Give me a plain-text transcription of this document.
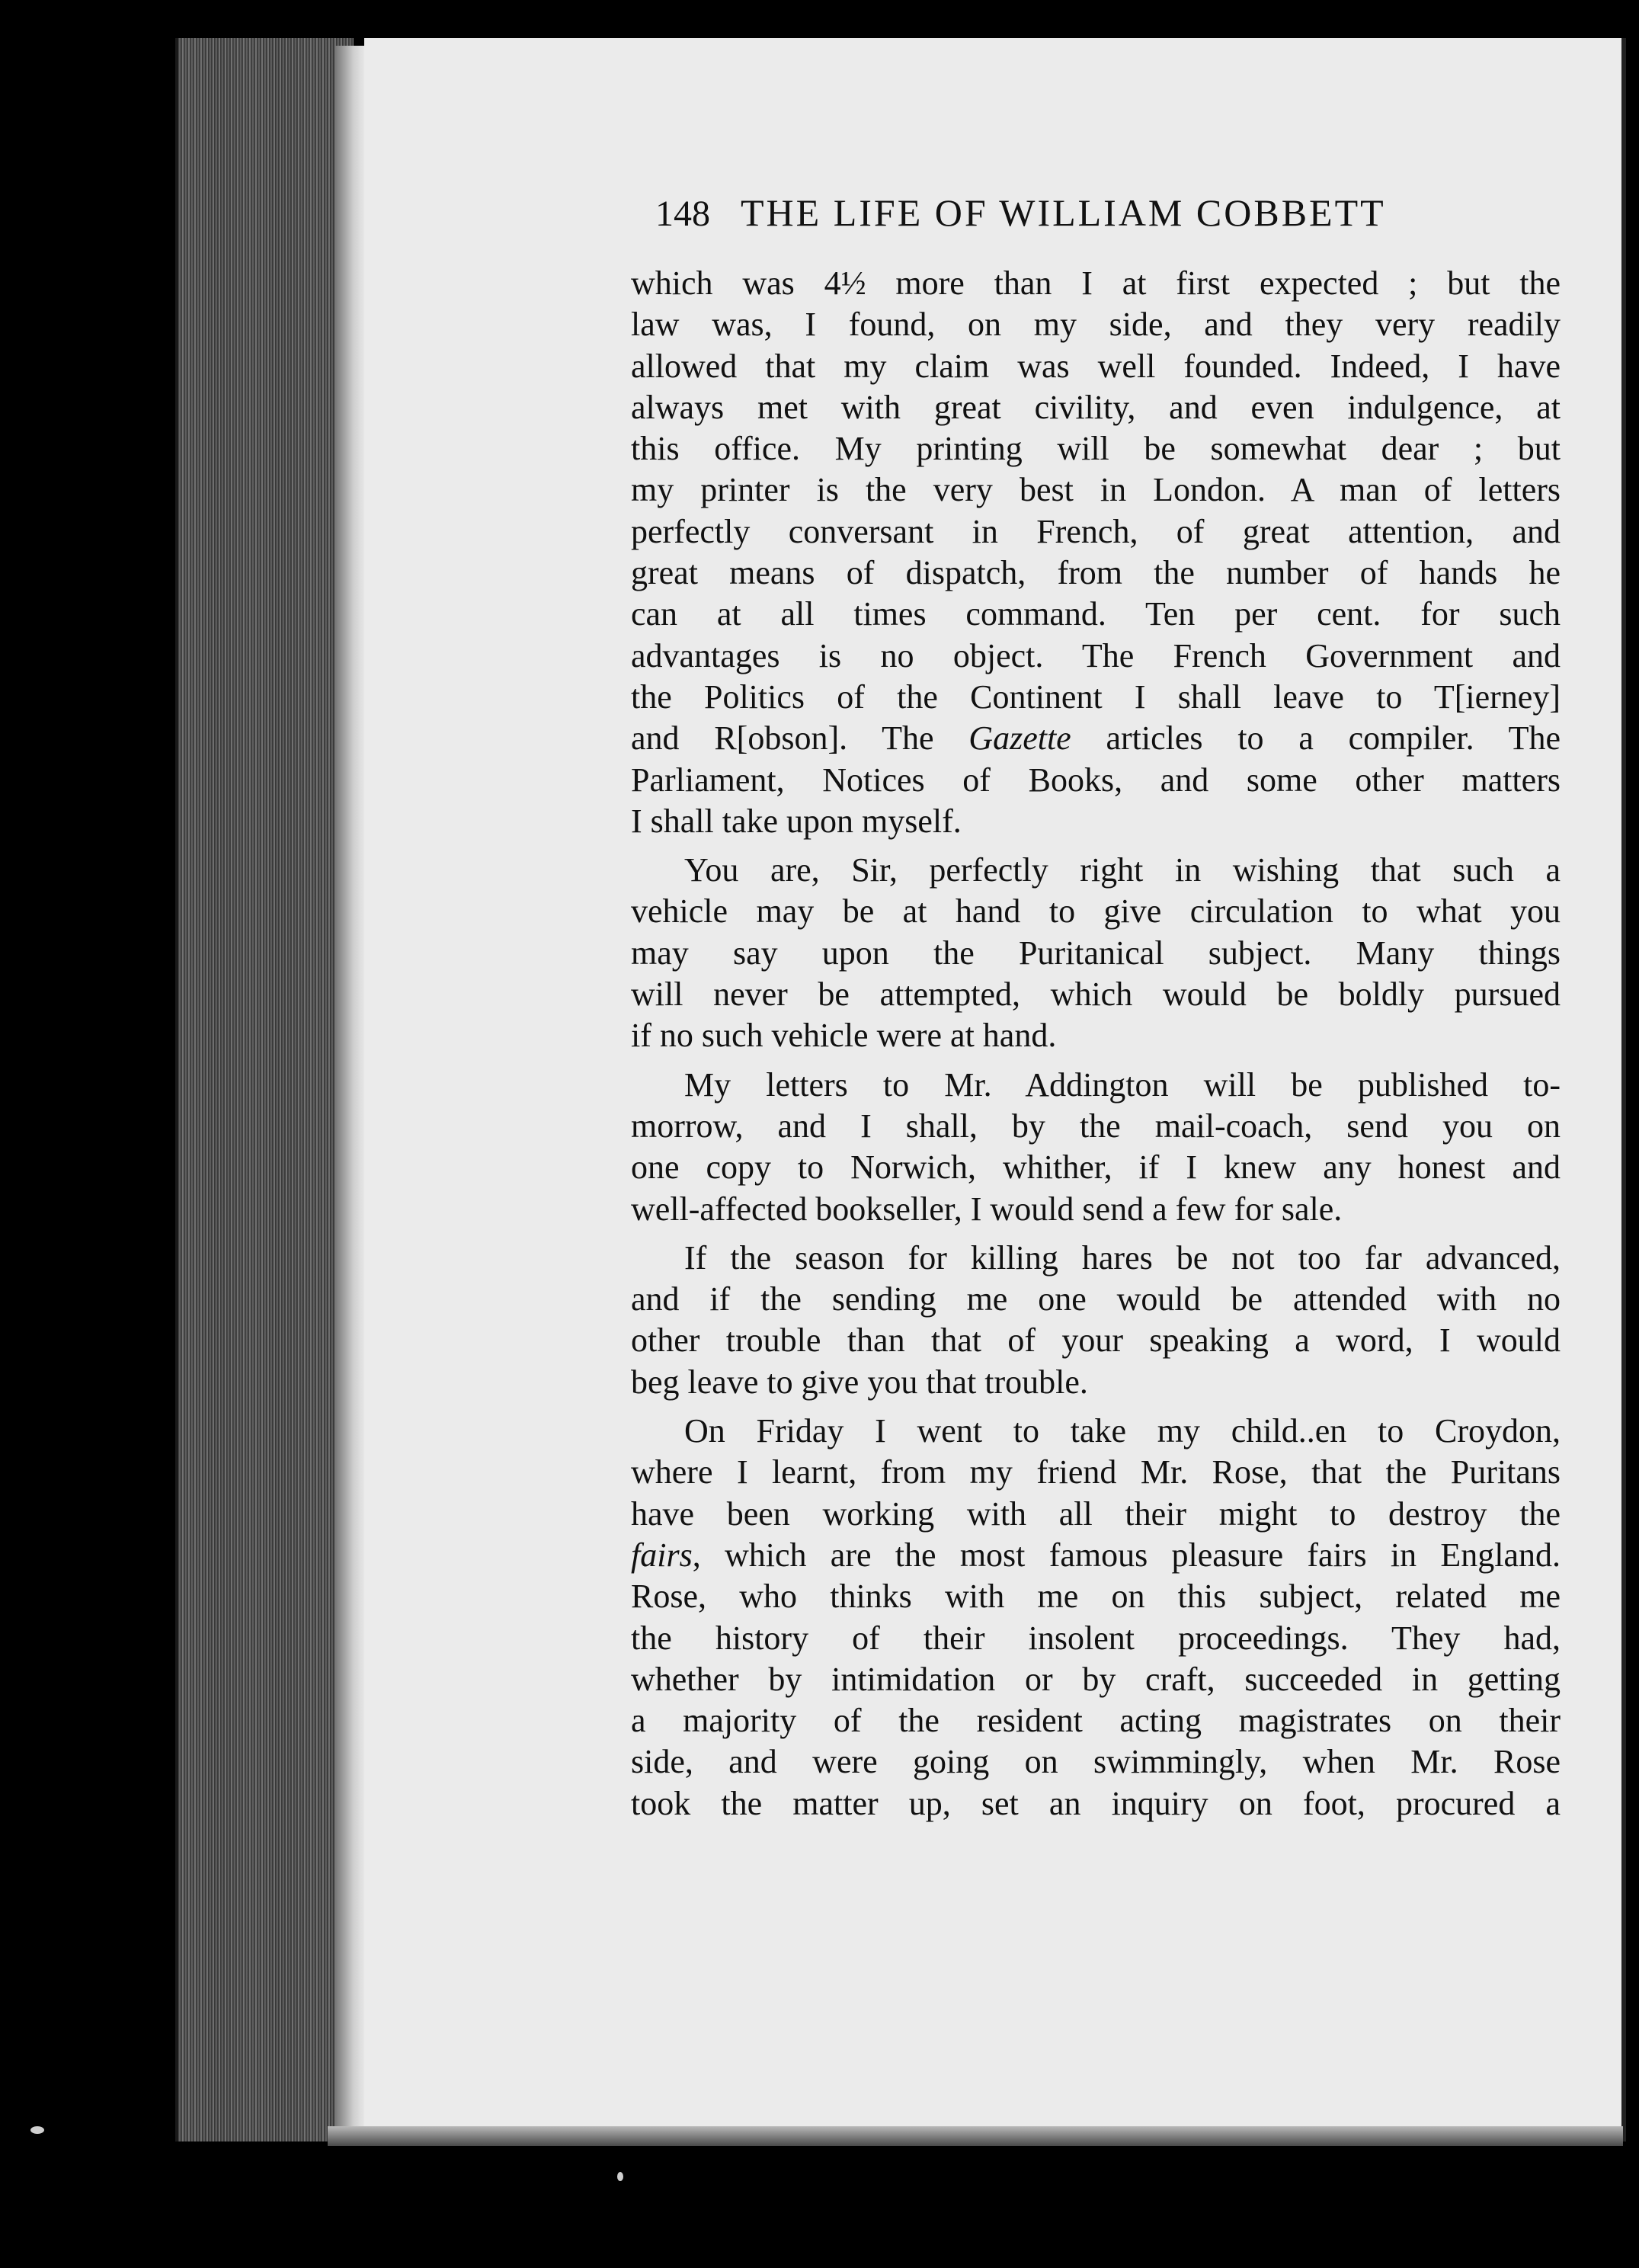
148 THE LIFE OF WILLIAM COBBETT
which was 4½ more than I at first expected ; but the
law was, I found, on my side, and they very readily
allowed that my claim was well founded. Indeed, I have
always met with great civility, and even indulgence, at
this office. My printing will be somewhat dear ; but
my printer is the very best in London. A man of letters
perfectly conversant in French, of great attention, and
great means of dispatch, from the number of hands he
can at all times command. Ten per cent. for such
advantages is no object. The French Government and
the Politics of the Continent I shall leave to T[ierney]
and R[obson]. The Gazette articles to a compiler. The
Parliament, Notices of Books, and some other matters
I shall take upon myself.
You are, Sir, perfectly right in wishing that such a
vehicle may be at hand to give circulation to what you
may say upon the Puritanical subject. Many things
will never be attempted, which would be boldly pursued
if no such vehicle were at hand.
My letters to Mr. Addington will be published to-
morrow, and I shall, by the mail-coach, send you on
one copy to Norwich, whither, if I knew any honest and
well-affected bookseller, I would send a few for sale.
If the season for killing hares be not too far advanced,
and if the sending me one would be attended with no
other trouble than that of your speaking a word, I would
beg leave to give you that trouble.
On Friday I went to take my child..en to Croydon,
where I learnt, from my friend Mr. Rose, that the Puritans
have been working with all their might to destroy the
fairs, which are the most famous pleasure fairs in England.
Rose, who thinks with me on this subject, related me
the history of their insolent proceedings. They had,
whether by intimidation or by craft, succeeded in getting
a majority of the resident acting magistrates on their
side, and were going on swimmingly, when Mr. Rose
took the matter up, set an inquiry on foot, procured a
